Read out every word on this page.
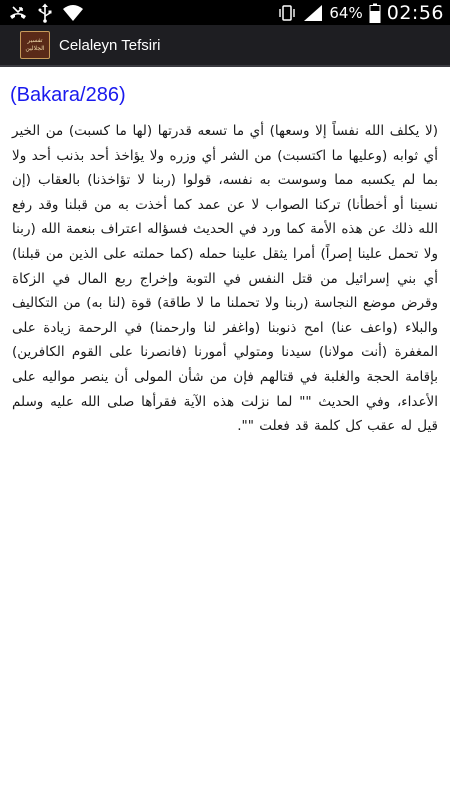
64% 02:56
تفسير
الجلالين Celaleyn Tefsiri
(Bakara/286)
(لا يكلف الله نفساً إلا وسعها) أي ما تسعه قدرتها (لها ما كسبت) من الخير أي ثوابه (وعليها ما اكتسبت) من الشر أي وزره ولا يؤاخذ أحد بذنب أحد ولا بما لم يكسبه مما وسوست به نفسه، قولوا (ربنا لا تؤاخذنا) بالعقاب (إن نسينا أو أخطأنا) تركنا الصواب لا عن عمد كما أخذت به من قبلنا وقد رفع الله ذلك عن هذه الأمة كما ورد في الحديث فسؤاله اعتراف بنعمة الله (ربنا ولا تحمل علينا إصراً) أمرا يثقل علينا حمله (كما حملته على الذين من قبلنا) أي بني إسرائيل من قتل النفس في التوبة وإخراج ربع المال في الزكاة وقرض موضع النجاسة (ربنا ولا تحملنا ما لا طاقة) قوة (لنا به) من التكاليف والبلاء (واعف عنا) امح ذنوبنا (واغفر لنا وارحمنا) في الرحمة زيادة على المغفرة (أنت مولانا) سيدنا ومتولي أمورنا (فانصرنا على القوم الكافرين) بإقامة الحجة والغلبة في قتالهم فإن من شأن المولى أن ينصر مواليه على الأعداء، وفي الحديث "" لما نزلت هذه الآية فقرأها صلى الله عليه وسلم قيل له عقب كل كلمة قد فعلت "".
